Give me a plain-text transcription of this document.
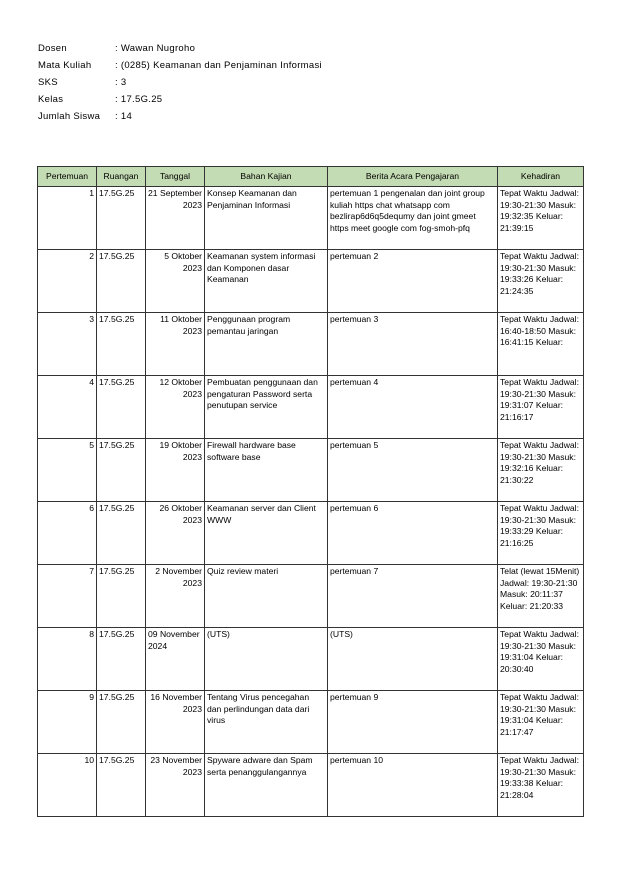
Dosen	: Wawan Nugroho
Mata Kuliah	: (0285) Keamanan dan Penjaminan Informasi
SKS	: 3
Kelas	: 17.5G.25
Jumlah Siswa	: 14
Pertemuan	Ruangan	Tanggal	Bahan Kajian	Berita Acara Pengajaran	Kehadiran
1	17.5G.25	21 September 2023	Konsep Keamanan dan Penjaminan Informasi	pertemuan 1 pengenalan dan joint group kuliah https chat whatsapp com bezlirap6d6q5dequmy dan joint gmeet https meet google com fog-smoh-pfq	Tepat Waktu Jadwal: 19:30-21:30 Masuk: 19:32:35 Keluar: 21:39:15
2	17.5G.25	5 Oktober 2023	Keamanan system informasi dan Komponen dasar Keamanan	pertemuan 2	Tepat Waktu Jadwal: 19:30-21:30 Masuk: 19:33:26 Keluar: 21:24:35
3	17.5G.25	11 Oktober 2023	Penggunaan program pemantau jaringan	pertemuan 3	Tepat Waktu Jadwal: 16:40-18:50 Masuk: 16:41:15 Keluar:
4	17.5G.25	12 Oktober 2023	Pembuatan penggunaan dan pengaturan Password serta penutupan service	pertemuan 4	Tepat Waktu Jadwal: 19:30-21:30 Masuk: 19:31:07 Keluar: 21:16:17
5	17.5G.25	19 Oktober 2023	Firewall hardware base software base	pertemuan 5	Tepat Waktu Jadwal: 19:30-21:30 Masuk: 19:32:16 Keluar: 21:30:22
6	17.5G.25	26 Oktober 2023	Keamanan server dan Client WWW	pertemuan 6	Tepat Waktu Jadwal: 19:30-21:30 Masuk: 19:33:29 Keluar: 21:16:25
7	17.5G.25	2 November 2023	Quiz review materi	pertemuan 7	Telat (lewat 15Menit) Jadwal: 19:30-21:30 Masuk: 20:11:37 Keluar: 21:20:33
8	17.5G.25	09 November 2024	(UTS)	(UTS)	Tepat Waktu Jadwal: 19:30-21:30 Masuk: 19:31:04 Keluar: 20:30:40
9	17.5G.25	16 November 2023	Tentang Virus pencegahan dan perlindungan data dari virus	pertemuan 9	Tepat Waktu Jadwal: 19:30-21:30 Masuk: 19:31:04 Keluar: 21:17:47
10	17.5G.25	23 November 2023	Spyware adware dan Spam serta penanggulangannya	pertemuan 10	Tepat Waktu Jadwal: 19:30-21:30 Masuk: 19:33:38 Keluar: 21:28:04
